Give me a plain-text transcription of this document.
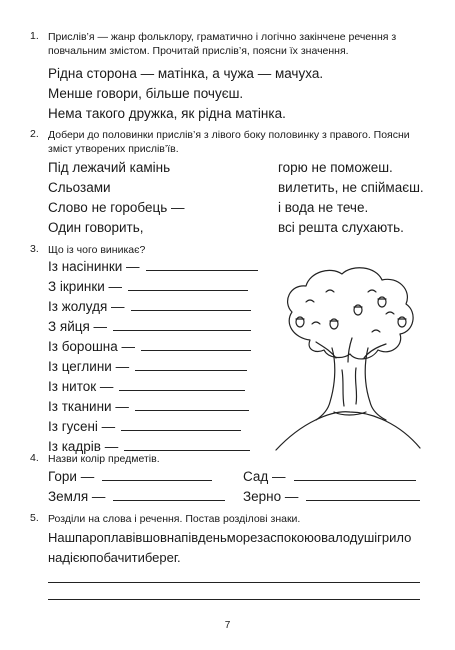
1. Прислів’я — жанр фольклору, граматично і логічно закінчене речення з повчальним змістом. Прочитай прислів’я, поясни їх значення.
Рідна сторона — матінка, а чужа — мачуха.
Менше говори, більше почуєш.
Нема такого дружка, як рідна матінка.
2. Добери до половинки прислів’я з лівого боку половинку з правого. Поясни зміст утворених прислів’їв.
Під лежачий камінь
Сльозами
Слово не горобець —
Один говорить,
горю не поможеш.
вилетить, не спіймаєш.
і вода не тече.
всі решта слухають.
3. Що із чого виникає?
Із насінинки —
З ікринки —
Із жолудя —
З яйця —
Із борошна —
Із цеглини —
Із ниток —
Із тканини —
Із гусені —
Із кадрів —
4. Назви колір предметів.
Гори —	Сад —
Земля —	Зерно —
5. Розділи на слова і речення. Постав розділові знаки.
Нашпароплавівшовнапівденьморезаспокоюовалодушігрило
надієюпобачитиберег.
7
